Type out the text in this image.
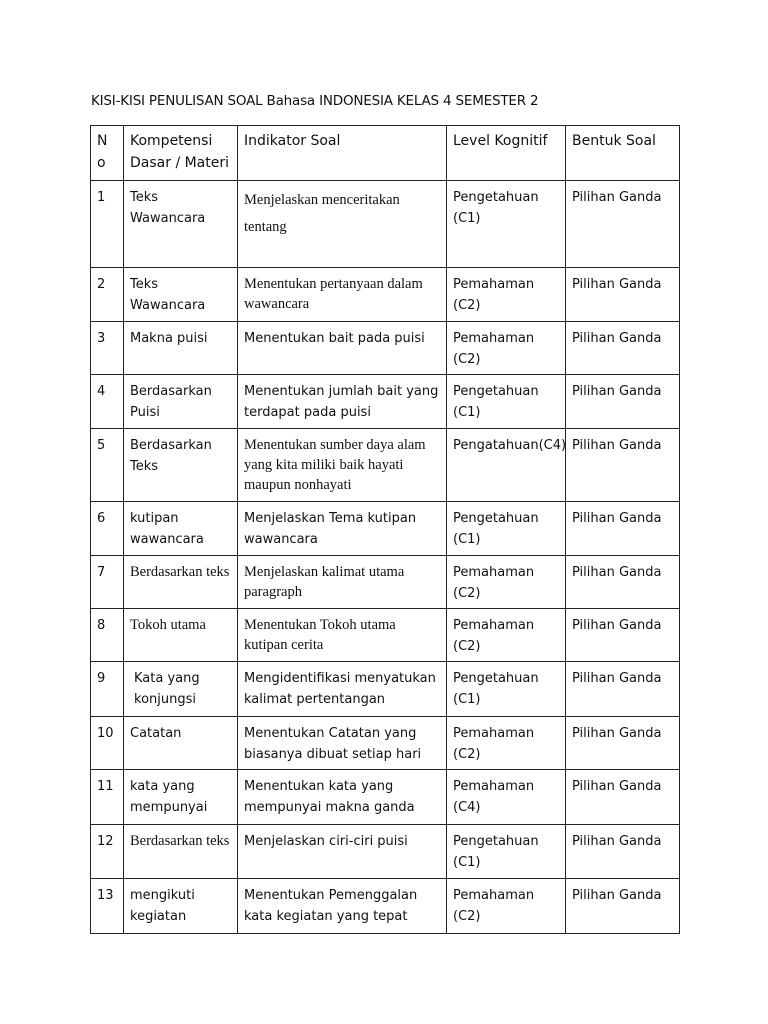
KISI-KISI PENULISAN SOAL Bahasa INDONESIA KELAS 4 SEMESTER 2
N o	Kompetensi Dasar / Materi	Indikator Soal	Level Kognitif	Bentuk Soal
1	Teks Wawancara	Menjelaskan menceritakan tentang	Pengetahuan (C1)	Pilihan Ganda
2	Teks Wawancara	Menentukan pertanyaan dalam wawancara	Pemahaman (C2)	Pilihan Ganda
3	Makna puisi	Menentukan bait pada puisi	Pemahaman (C2)	Pilihan Ganda
4	Berdasarkan Puisi	Menentukan jumlah bait yang terdapat pada puisi	Pengetahuan (C1)	Pilihan Ganda
5	Berdasarkan Teks	Menentukan sumber daya alam yang kita miliki baik hayati maupun nonhayati	Pengatahuan(C4)	Pilihan Ganda
6	kutipan wawancara	Menjelaskan Tema kutipan wawancara	Pengetahuan (C1)	Pilihan Ganda
7	Berdasarkan teks	Menjelaskan kalimat utama paragraph	Pemahaman (C2)	Pilihan Ganda
8	Tokoh utama	Menentukan Tokoh utama kutipan cerita	Pemahaman (C2)	Pilihan Ganda
9	Kata yang konjungsi	Mengidentifikasi menyatukan kalimat pertentangan	Pengetahuan (C1)	Pilihan Ganda
10	Catatan	Menentukan Catatan yang biasanya dibuat setiap hari	Pemahaman (C2)	Pilihan Ganda
11	kata yang mempunyai	Menentukan kata yang mempunyai makna ganda	Pemahaman (C4)	Pilihan Ganda
12	Berdasarkan teks	Menjelaskan ciri-ciri puisi	Pengetahuan (C1)	Pilihan Ganda
13	mengikuti kegiatan	Menentukan Pemenggalan kata kegiatan yang tepat	Pemahaman (C2)	Pilihan Ganda
